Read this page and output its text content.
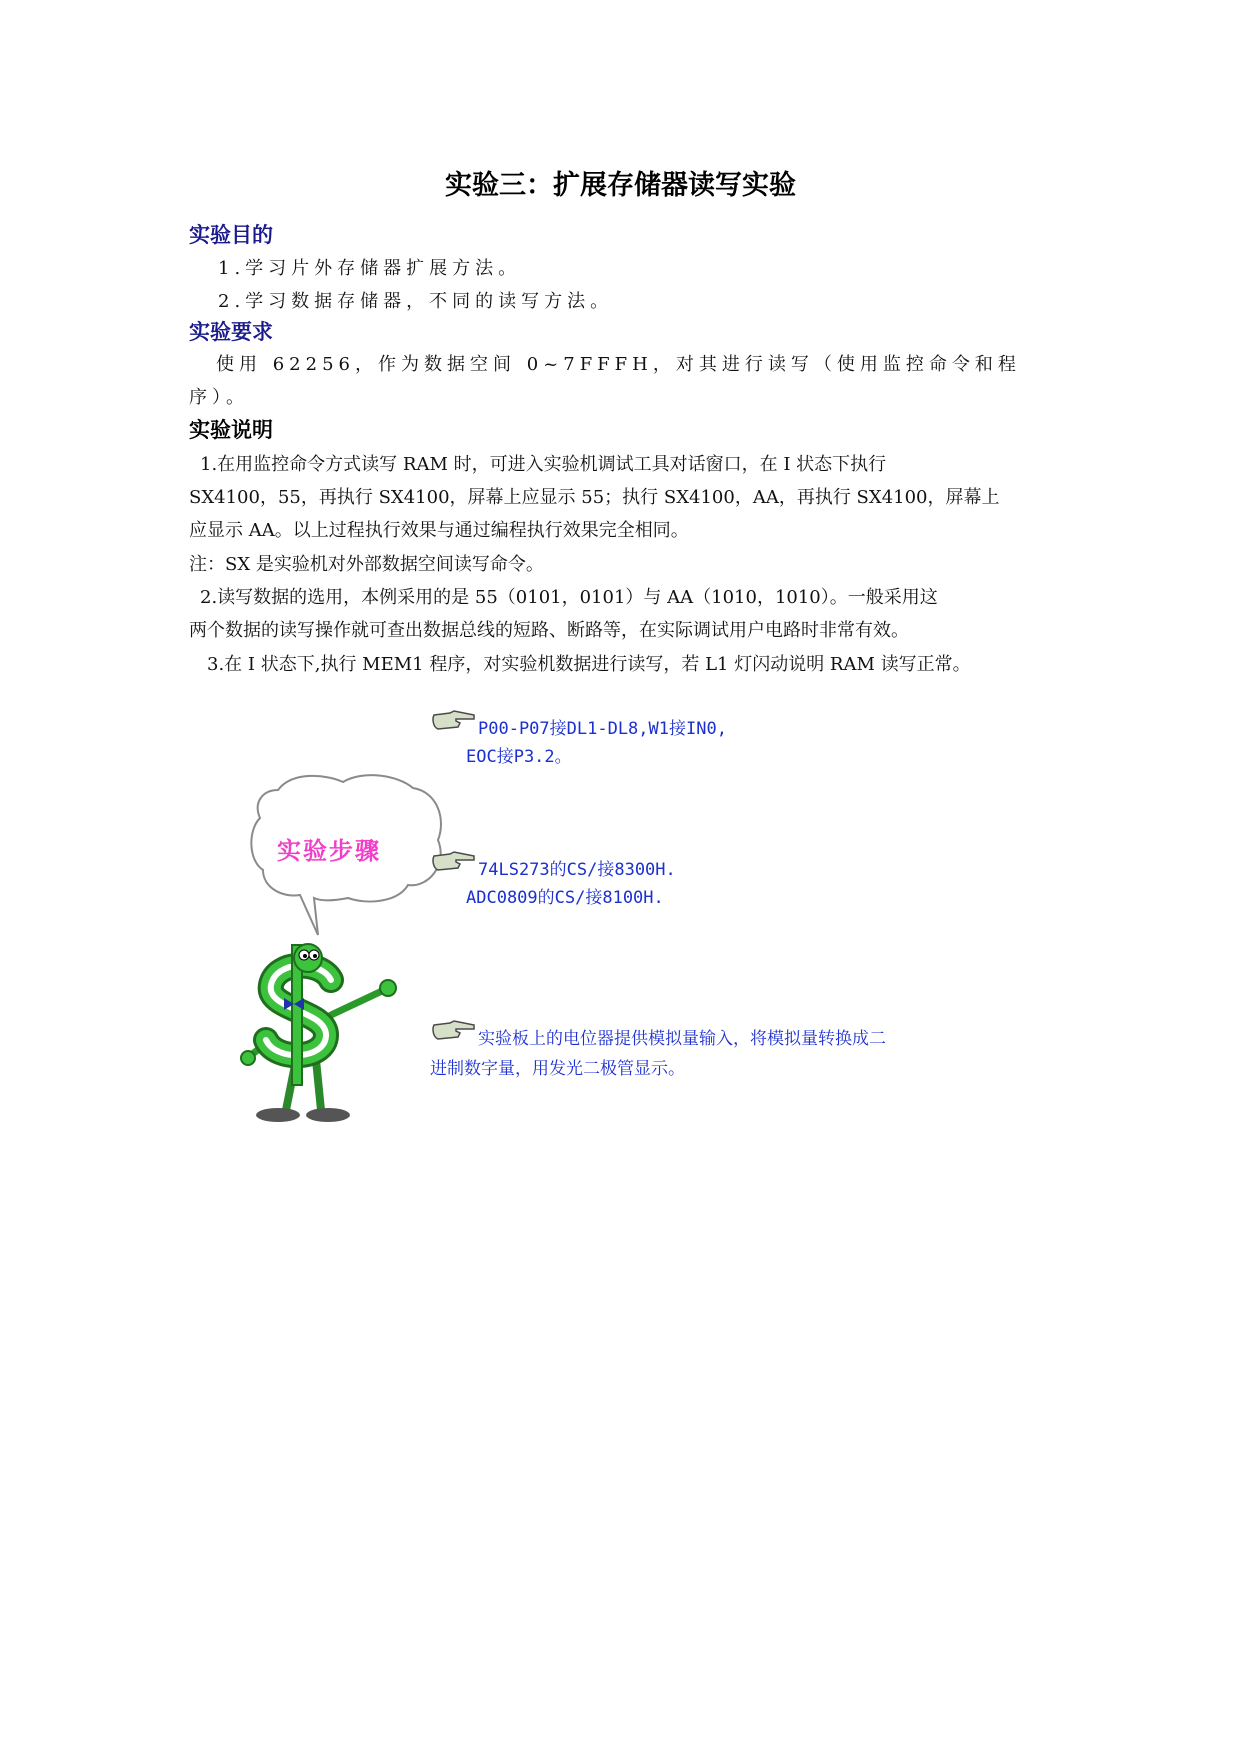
实验三：扩展存储器读写实验
实验目的
1.学习片外存储器扩展方法。
2.学习数据存储器，不同的读写方法。
实验要求
使用 62256，作为数据空间 0~7FFFH，对其进行读写（使用监控命令和程
序）。
实验说明
1.在用监控命令方式读写 RAM 时，可进入实验机调试工具对话窗口，在 I 状态下执行
SX4100，55，再执行 SX4100，屏幕上应显示 55；执行 SX4100，AA，再执行 SX4100，屏幕上
应显示 AA。以上过程执行效果与通过编程执行效果完全相同。
注：SX 是实验机对外部数据空间读写命令。
2.读写数据的选用，本例采用的是 55（0101，0101）与 AA（1010，1010）。一般采用这
两个数据的读写操作就可查出数据总线的短路、断路等，在实际调试用户电路时非常有效。
3.在 I 状态下,执行 MEM1 程序，对实验机数据进行读写，若 L1 灯闪动说明 RAM 读写正常。
实验步骤
P00-P07接DL1-DL8,W1接IN0,
EOC接P3.2。
74LS273的CS/接8300H.
ADC0809的CS/接8100H.
实验板上的电位器提供模拟量输入，将模拟量转换成二
进制数字量，用发光二极管显示。
